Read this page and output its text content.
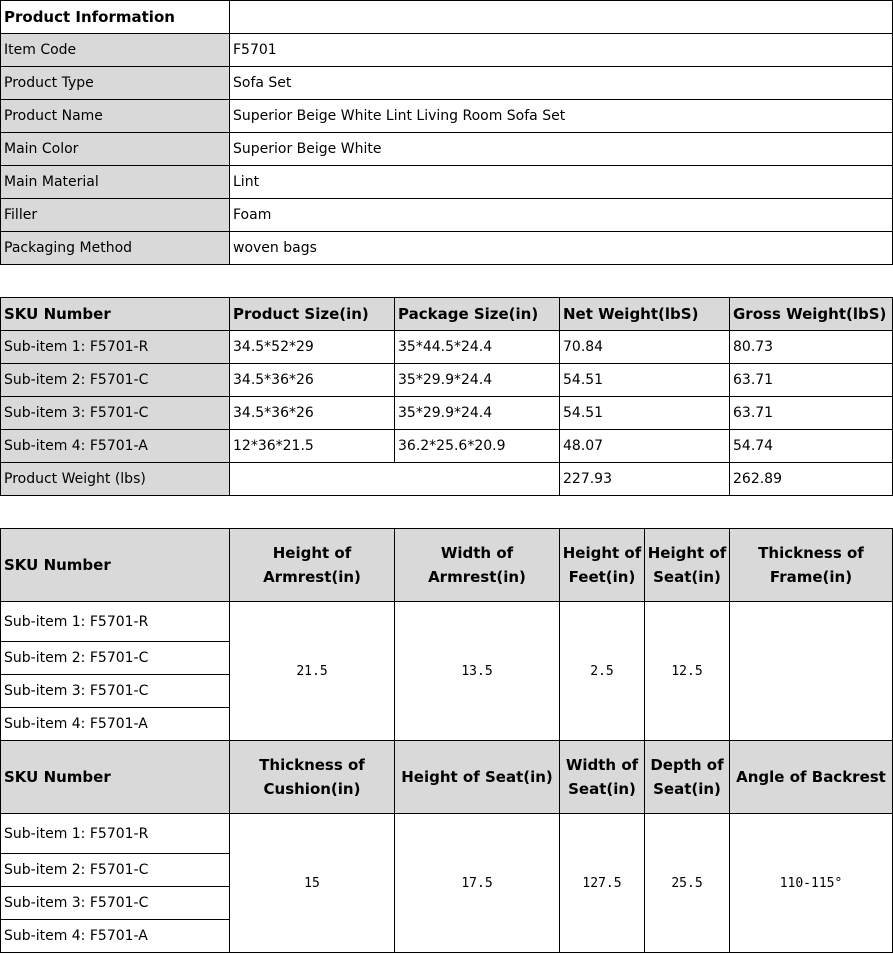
Product Information	
Item Code	F5701
Product Type	Sofa Set
Product Name	Superior Beige White Lint Living Room Sofa Set
Main Color	Superior Beige White
Main Material	Lint
Filler	Foam
Packaging Method	woven bags
SKU Number	Product Size(in)	Package Size(in)	Net Weight(lbS)	Gross Weight(lbS)
Sub-item 1: F5701-R	34.5*52*29	35*44.5*24.4	70.84	80.73
Sub-item 2: F5701-C	34.5*36*26	35*29.9*24.4	54.51	63.71
Sub-item 3: F5701-C	34.5*36*26	35*29.9*24.4	54.51	63.71
Sub-item 4: F5701-A	12*36*21.5	36.2*25.6*20.9	48.07	54.74
Product Weight (lbs)			227.93	262.89
SKU Number	Height of Armrest(in)	Width of Armrest(in)	Height of Feet(in)	Height of Seat(in)	Thickness of Frame(in)
Sub-item 1: F5701-R	21.5	13.5	2.5	12.5	
Sub-item 2: F5701-C					
Sub-item 3: F5701-C					
Sub-item 4: F5701-A					
SKU Number	Thickness of Cushion(in)	Height of Seat(in)	Width of Seat(in)	Depth of Seat(in)	Angle of Backrest
Sub-item 1: F5701-R	15	17.5	127.5	25.5	110-115°
Sub-item 2: F5701-C					
Sub-item 3: F5701-C					
Sub-item 4: F5701-A					
